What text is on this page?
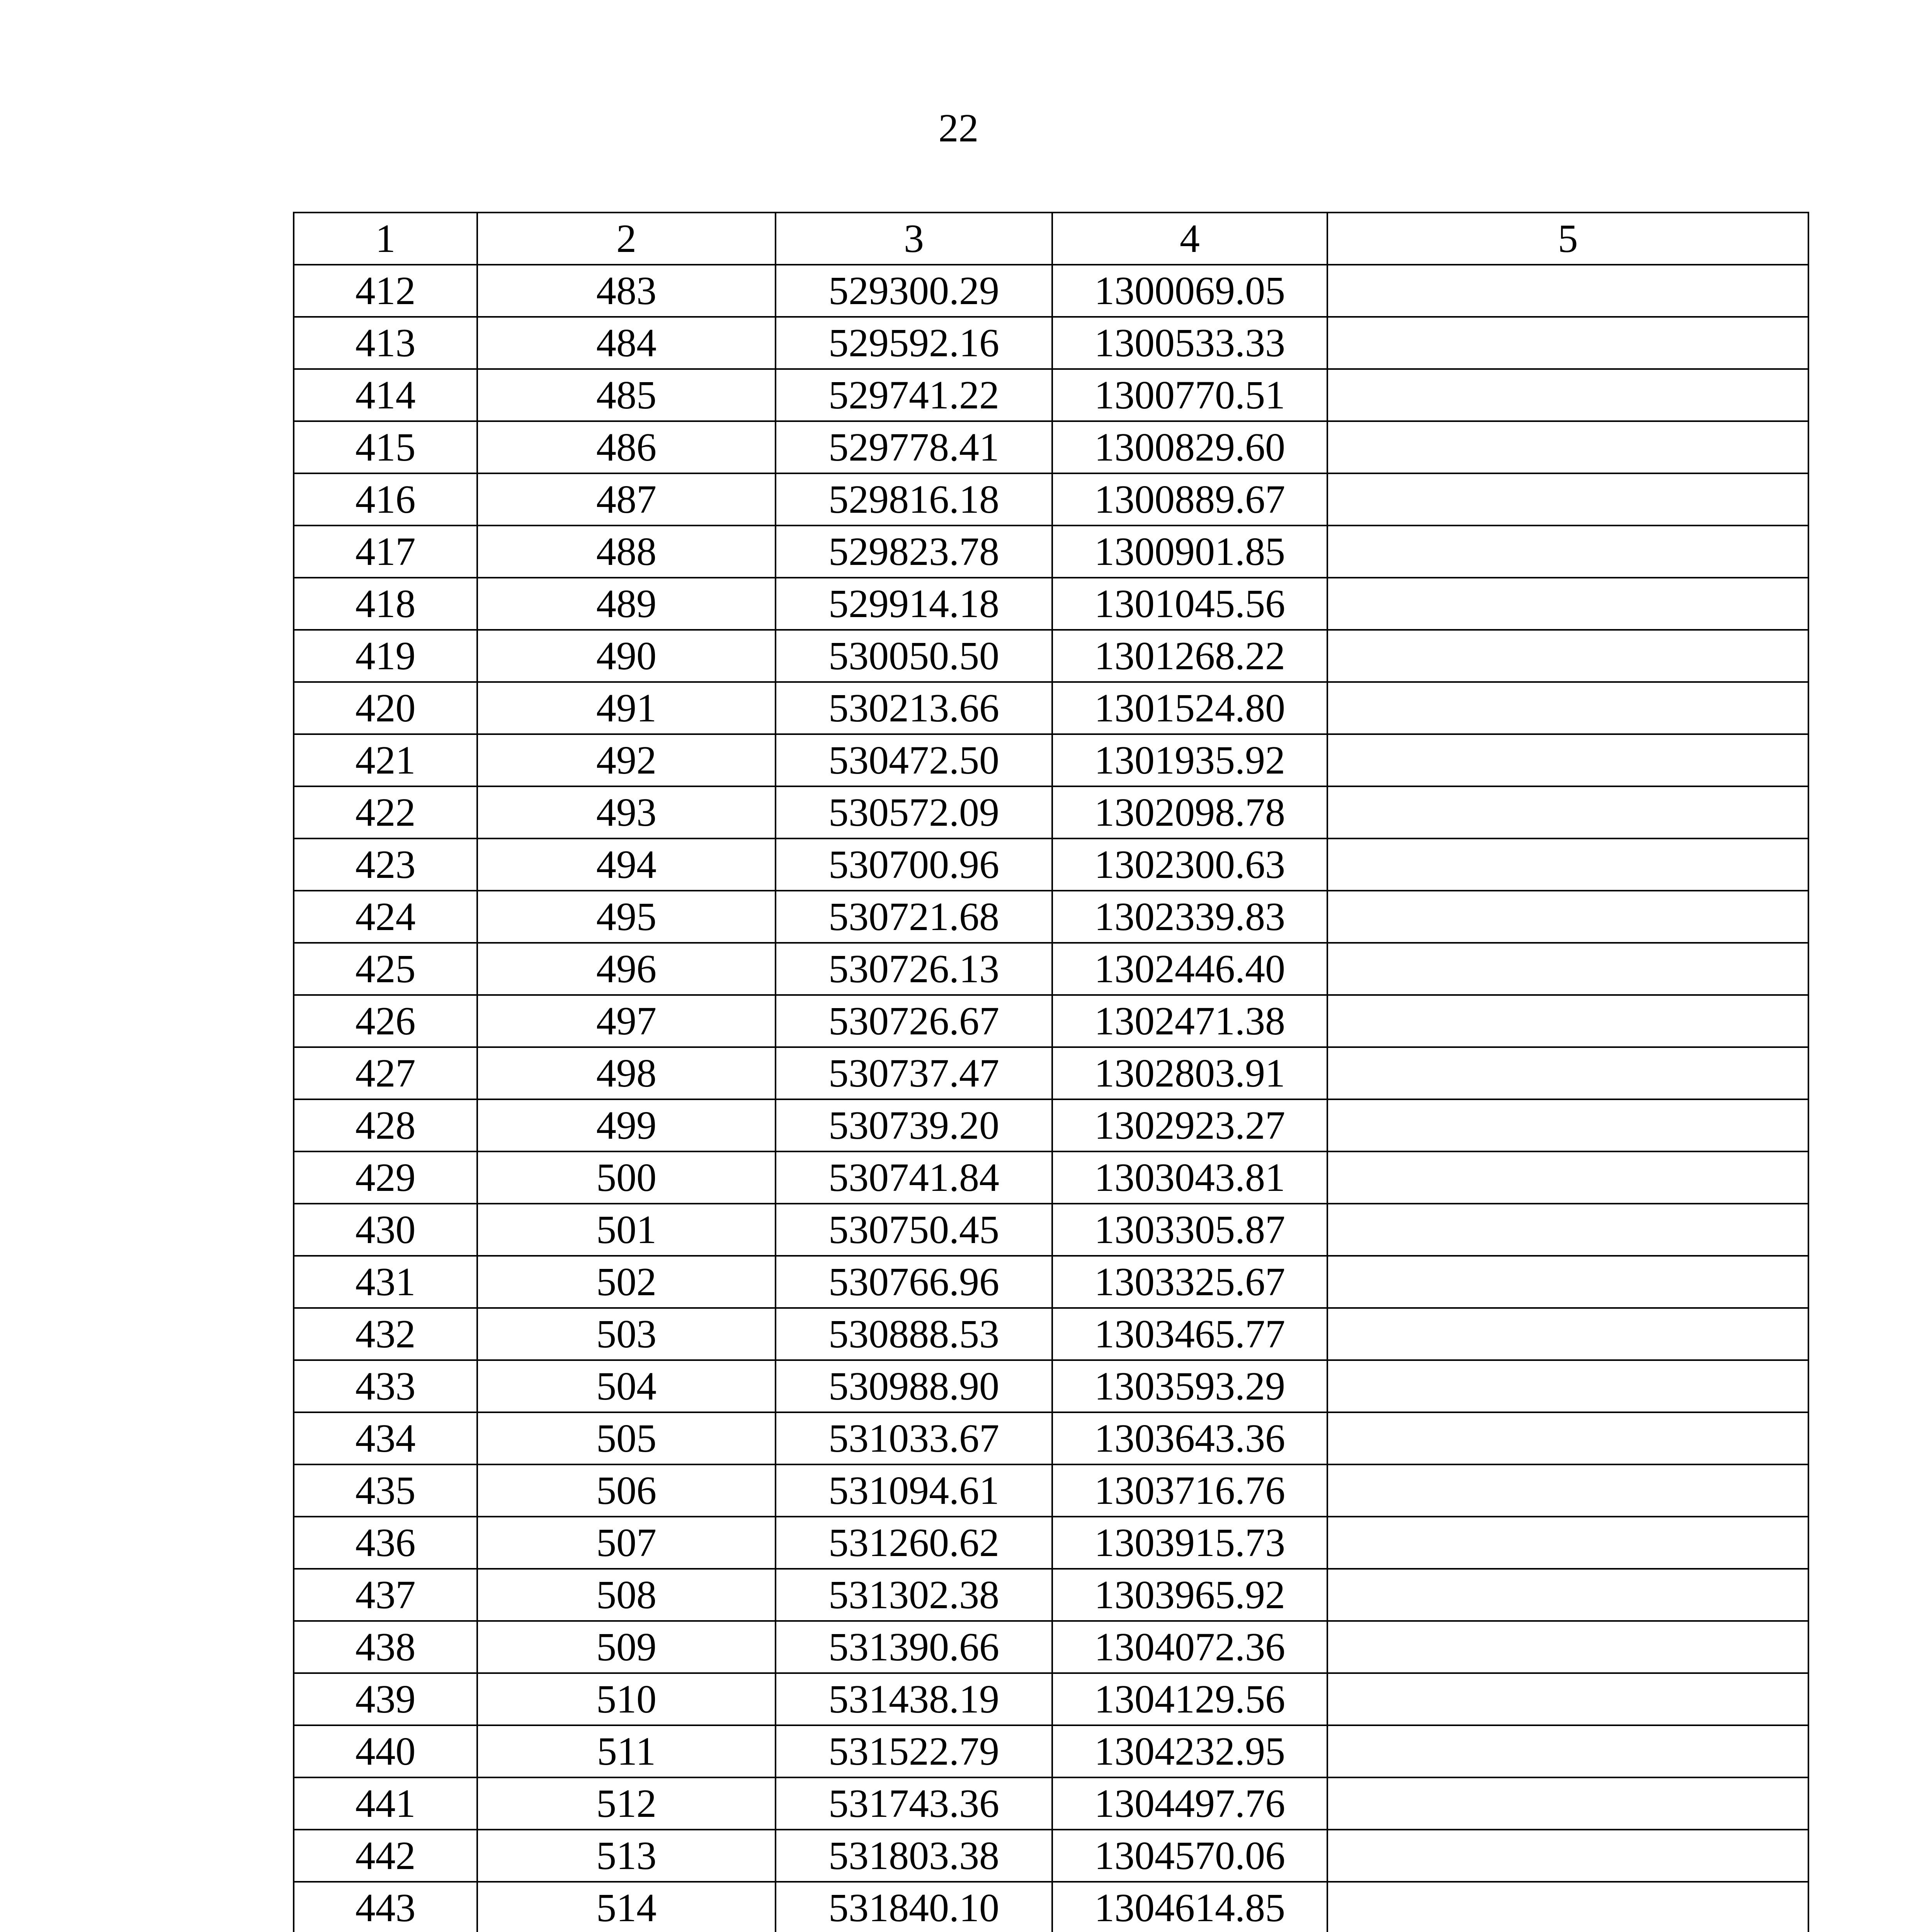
22
1	2	3	4	5
412	483	529300.29	1300069.05	
413	484	529592.16	1300533.33	
414	485	529741.22	1300770.51	
415	486	529778.41	1300829.60	
416	487	529816.18	1300889.67	
417	488	529823.78	1300901.85	
418	489	529914.18	1301045.56	
419	490	530050.50	1301268.22	
420	491	530213.66	1301524.80	
421	492	530472.50	1301935.92	
422	493	530572.09	1302098.78	
423	494	530700.96	1302300.63	
424	495	530721.68	1302339.83	
425	496	530726.13	1302446.40	
426	497	530726.67	1302471.38	
427	498	530737.47	1302803.91	
428	499	530739.20	1302923.27	
429	500	530741.84	1303043.81	
430	501	530750.45	1303305.87	
431	502	530766.96	1303325.67	
432	503	530888.53	1303465.77	
433	504	530988.90	1303593.29	
434	505	531033.67	1303643.36	
435	506	531094.61	1303716.76	
436	507	531260.62	1303915.73	
437	508	531302.38	1303965.92	
438	509	531390.66	1304072.36	
439	510	531438.19	1304129.56	
440	511	531522.79	1304232.95	
441	512	531743.36	1304497.76	
442	513	531803.38	1304570.06	
443	514	531840.10	1304614.85	
